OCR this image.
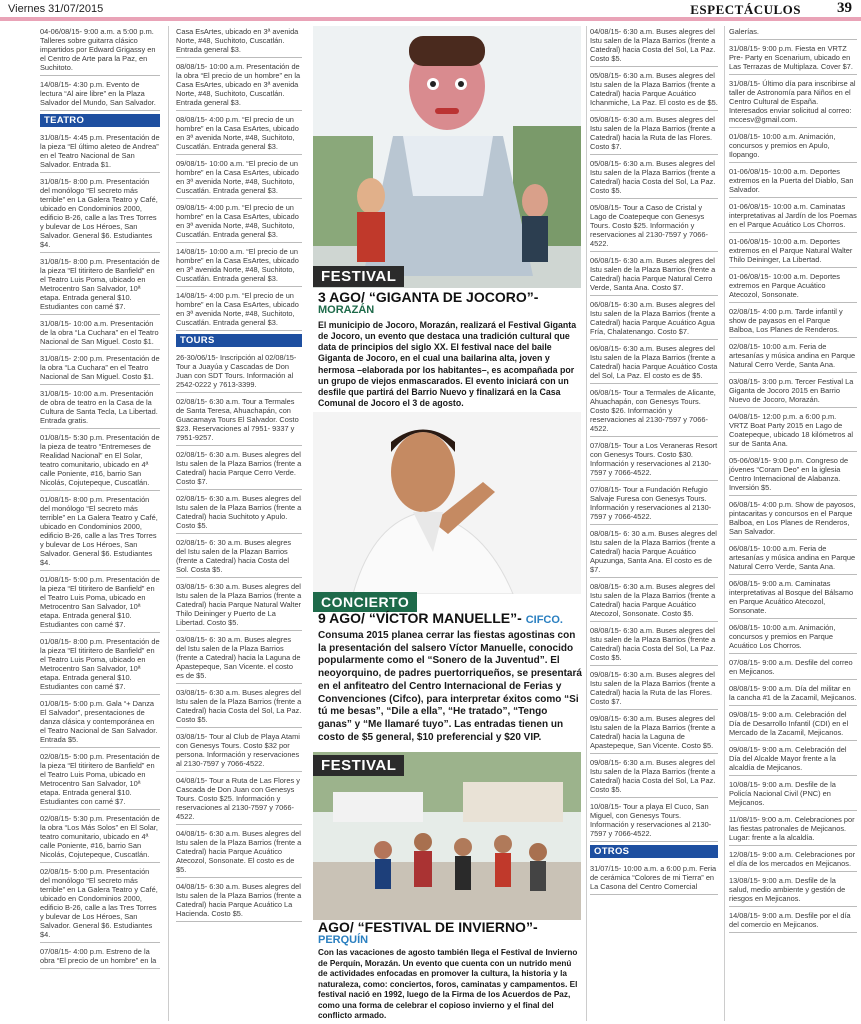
Viernes 31/07/2015	ESPECTÁCULOS 39
04-06/08/15- 9:00 a.m. a 5:00 p.m. Talleres sobre guitarra clásico impartidos por Edward Grigassy en el Centro de Arte para la Paz, en Suchitoto.
14/08/15- 4:30 p.m. Evento de lectura “Al aire libre” en la Plaza Salvador del Mundo, San Salvador.
TEATRO
31/08/15- 4:45 p.m. Presentación de la pieza “El último aleteo de Andrea” en el Teatro Nacional de San Salvador. Entrada $1.
31/08/15- 8:00 p.m. Presentación del monólogo “El secreto más terrible” en La Galera Teatro y Café, ubicado en Condominios 2000, edificio B-26, calle a las Tres Torres y bulevar de Los Héroes, San Salvador. General $6. Estudiantes $4.
31/08/15- 8:00 p.m. Presentación de la pieza “El titiritero de Banfield” en el Teatro Luis Poma, ubicado en Metrocentro San Salvador, 10ª etapa. Entrada general $10. Estudiantes con carné $7.
31/08/15- 10:00 a.m. Presentación de la obra “La Cuchara” en el Teatro Nacional de San Miguel. Costo $1.
31/08/15- 2:00 p.m. Presentación de la obra “La Cuchara” en el Teatro Nacional de San Miguel. Costo $1.
31/08/15- 10:00 a.m. Presentación de obra de teatro en la Casa de la Cultura de Santa Tecla, La Libertad. Entrada gratis.
01/08/15- 5:30 p.m. Presentación de la pieza de teatro “Entremeses de Realidad Nacional” en El Solar, teatro comunitario, ubicado en 4ª calle Poniente, #16, barrio San Nicolás, Cojutepeque, Cuscatlán.
01/08/15- 8:00 p.m. Presentación del monólogo “El secreto más terrible” en La Galera Teatro y Café, ubicado en Condominios 2000, edificio B-26, calle a las Tres Torres y bulevar de Los Héroes, San Salvador. General $6. Estudiantes $4.
01/08/15- 5:00 p.m. Presentación de la pieza “El titiritero de Banfield” en el Teatro Luis Poma, ubicado en Metrocentro San Salvador, 10ª etapa. Entrada general $10. Estudiantes con carné $7.
01/08/15- 8:00 p.m. Presentación de la pieza “El titiritero de Banfield” en el Teatro Luis Poma, ubicado en Metrocentro San Salvador, 10ª etapa. Entrada general $10. Estudiantes con carné $7.
01/08/15- 5:00 p.m. Gala “+ Danza El Salvador”, presentaciones de danza clásica y contemporánea en el Teatro Nacional de San Salvador. Entrada $5.
02/08/15- 5:00 p.m. Presentación de la pieza “El titiritero de Banfield” en el Teatro Luis Poma, ubicado en Metrocentro San Salvador, 10ª etapa. Entrada general $10. Estudiantes con carné $7.
02/08/15- 5:30 p.m. Presentación de la obra “Los Más Solos” en El Solar, teatro comunitario, ubicado en 4ª calle Poniente, #16, barrio San Nicolás, Cojutepeque, Cuscatlán.
02/08/15- 5:00 p.m. Presentación del monólogo “El secreto más terrible” en La Galera Teatro y Café, ubicado en Condominios 2000, edificio B-26, calle a las Tres Torres y bulevar de Los Héroes, San Salvador. General $6. Estudiantes $4.
07/08/15- 4:00 p.m. Estreno de la obra “El precio de un hombre” en la
Casa EsArtes, ubicado en 3ª avenida Norte, #48, Suchitoto, Cuscatlán. Entrada general $3.
08/08/15- 10:00 a.m. Presentación de la obra “El precio de un hombre” en la Casa EsArtes, ubicado en 3ª avenida Norte, #48, Suchitoto, Cuscatlán. Entrada general $3.
08/08/15- 4:00 p.m. “El precio de un hombre” en la Casa EsArtes, ubicado en 3ª avenida Norte, #48, Suchitoto, Cuscatlán. Entrada general $3.
09/08/15- 10:00 a.m. “El precio de un hombre” en la Casa EsArtes, ubicado en 3ª avenida Norte, #48, Suchitoto, Cuscatlán. Entrada general $3.
09/08/15- 4:00 p.m. “El precio de un hombre” en la Casa EsArtes, ubicado en 3ª avenida Norte, #48, Suchitoto, Cuscatlán. Entrada general $3.
14/08/15- 10:00 a.m. “El precio de un hombre” en la Casa EsArtes, ubicado en 3ª avenida Norte, #48, Suchitoto, Cuscatlán. Entrada general $3.
14/08/15- 4:00 p.m. “El precio de un hombre” en la Casa EsArtes, ubicado en 3ª avenida Norte, #48, Suchitoto, Cuscatlán. Entrada general $3.
TOURS
26-30/06/15- Inscripción al 02/08/15- Tour a Juayúa y Cascadas de Don Juan con SDT Tours. Información al 2542-0222 y 7613-3399.
02/08/15- 6:30 a.m. Tour a Termales de Santa Teresa, Ahuachapán, con Guacamaya Tours El Salvador. Costo $23. Reservaciones al 7951- 9337 y 7951-9257.
02/08/15- 6:30 a.m. Buses alegres del Istu salen de la Plaza Barrios (frente a Catedral) hacia Parque Cerro Verde. Costo $7.
02/08/15- 6:30 a.m. Buses alegres del Istu salen de la Plaza Barrios (frente a Catedral) hacia Suchitoto y Apulo. Costo $5.
02/08/15- 6: 30 a.m. Buses alegres del Istu salen de la Plazan Barrios (frente a Catedral) hacia Costa del Sol. Costa $5.
03/08/15- 6:30 a.m. Buses alegres del Istu salen de la Plaza Barrios (frente a Catedral) hacia Parque Natural Walter Thilo Deininger y Puerto de La Libertad. Costo $5.
03/08/15- 6: 30 a.m. Buses alegres del Istu salen de la Plaza Barrios (frente a Catedral) hacia la Laguna de Apastepeque, San Vicente. el costo es de $5.
03/08/15- 6:30 a.m. Buses alegres del Istu salen de la Plaza Barrios (frente a Catedral) hacia Costa del Sol, La Paz. Costo $5.
03/08/15- Tour al Club de Playa Atami con Genesys Tours. Costo $32 por persona. Información y reservaciones al 2130-7597 y 7066-4522.
04/08/15- Tour a Ruta de Las Flores y Cascada de Don Juan con Genesys Tours. Costo $25. Información y reservaciones al 2130-7597 y 7066-4522.
04/08/15- 6:30 a.m. Buses alegres del Istu salen de la Plaza Barrios (frente a Catedral) hacia Parque Acuático Atecozol, Sonsonate. El costo es de $5.
04/08/15- 6:30 a.m. Buses alegres del Istu salen de la Plaza Barrios (frente a Catedral) hacia Parque Acuático La Hacienda. Costo $5.
FESTIVAL
3 AGO/ “GIGANTA DE JOCORO”- MORAZÁN
El municipio de Jocoro, Morazán, realizará el Festival Giganta de Jocoro, un evento que destaca una tradición cultural que data de principios del siglo XX. El festival nace del baile Giganta de Jocoro, en el cual una bailarina alta, joven y hermosa –elaborada por los habitantes–, es acompañada por un grupo de viejos enmascarados. El evento iniciará con un desfile que partirá del Barrio Nuevo y finalizará en la Casa Comunal de Jocoro el 3 de agosto.
CONCIERTO
9 AGO/ “VÍCTOR MANUELLE”- CIFCO.
Consuma 2015 planea cerrar las fiestas agostinas con la presentación del salsero Víctor Manuelle, conocido popularmente como el “Sonero de la Juventud”. El neoyorquino, de padres puertorriqueños, se presentará en el anfiteatro del Centro Internacional de Ferias y Convenciones (Cifco), para interpretar éxitos como “Si tú me besas”, “Dile a ella”, “He tratado”, “Tengo ganas” y “Me llamaré tuyo”. Las entradas tienen un costo de $5 general, $10 preferencial y $20 VIP.
FESTIVAL
AGO/ “FESTIVAL DE INVIERNO”- PERQUÍN
Con las vacaciones de agosto también llega el Festival de Invierno de Perquín, Morazán. Un evento que cuenta con un nutrido menú de actividades enfocadas en promover la cultura, la historia y la naturaleza, como: conciertos, foros, caminatas y campamentos. El festival nació en 1992, luego de la Firma de los Acuerdos de Paz, como una forma de celebrar el copioso invierno y el final del conflicto armado.
04/08/15- 6:30 a.m. Buses alegres del Istu salen de la Plaza Barrios (frente a Catedral) hacia Costa del Sol, La Paz. Costo $5.
05/08/15- 6:30 a.m. Buses alegres del Istu salen de la Plaza Barrios (frente a Catedral) hacia Parque Acuático Ichanmiche, La Paz. El costo es de $5.
05/08/15- 6:30 a.m. Buses alegres del Istu salen de la Plaza Barrios (frente a Catedral) hacia la Ruta de las Flores. Costo $7.
05/08/15- 6:30 a.m. Buses alegres del Istu salen de la Plaza Barrios (frente a Catedral) hacia Costa del Sol, La Paz. Costo $5.
05/08/15- Tour a Caso de Cristal y Lago de Coatepeque con Genesys Tours. Costo $25. Información y reservaciones al 2130-7597 y 7066-4522.
06/08/15- 6:30 a.m. Buses alegres del Istu salen de la Plaza Barrios (frente a Catedral) hacia Parque Natural Cerro Verde, Santa Ana. Costo $7.
06/08/15- 6:30 a.m. Buses alegres del Istu salen de la Plaza Barrios (frente a Catedral) hacia Parque Acuático Agua Fría, Chalatenango. Costo $7.
06/08/15- 6:30 a.m. Buses alegres del Istu salen de la Plaza Barrios (frente a Catedral) hacia Parque Acuático Costa del Sol, La Paz. El costo es de $5.
06/08/15- Tour a Termales de Alicante, Ahuachapán, con Genesys Tours. Costo $26. Información y reservaciones al 2130-7597 y 7066-4522.
07/08/15- Tour a Los Veraneras Resort con Genesys Tours. Costo $30. Información y reservaciones al 2130-7597 y 7066-4522.
07/08/15- Tour a Fundación Refugio Salvaje Furesa con Genesys Tours. Información y reservaciones al 2130-7597 y 7066-4522.
08/08/15- 6: 30 a.m. Buses alegres del Istu salen de la Plaza Barrios (frente a Catedral) hacia Parque Acuático Apuzunga, Santa Ana. El costo es de $7.
08/08/15- 6:30 a.m. Buses alegres del Istu salen de la Plaza Barrios (frente a Catedral) hacia Parque Acuático Atecozol, Sonsonate. Costo $5.
08/08/15- 6:30 a.m. Buses alegres del Istu salen de la Plaza Barrios (frente a Catedral) hacia Costa del Sol, La Paz. Costo $5.
09/08/15- 6:30 a.m. Buses alegres del Istu salen de la Plaza Barrios (frente a Catedral) hacia la Ruta de las Flores. Costo $7.
09/08/15- 6:30 a.m. Buses alegres del Istu salen de la Plaza Barrios (frente a Catedral) hacia la Laguna de Apastepeque, San Vicente. Costo $5.
09/08/15- 6:30 a.m. Buses alegres del Istu salen de la Plaza Barrios (frente a Catedral) hacia Costa del Sol, La Paz. Costo $5.
10/08/15- Tour a playa El Cuco, San Miguel, con Genesys Tours. Información y reservaciones al 2130-7597 y 7066-4522.
OTROS
31/07/15- 10:00 a.m. a 6:00 p.m. Feria de cerámica “Colores de mi Tierra” en La Casona del Centro Comercial
Galerías.
31/08/15- 9:00 p.m. Fiesta en VRTZ Pre- Party en Scenarium, ubicado en Las Terrazas de Multiplaza. Cover $7.
31/08/15- Último día para inscribirse al taller de Astronomía para Niños en el Centro Cultural de España. Interesados enviar solicitud al correo: mccesv@gmail.com.
01/08/15- 10:00 a.m. Animación, concursos y premios en Apulo, Ilopango.
01-06/08/15- 10:00 a.m. Deportes extremos en la Puerta del Diablo, San Salvador.
01-06/08/15- 10:00 a.m. Caminatas interpretativas al Jardín de los Poemas en el Parque Acuático Los Chorros.
01-06/08/15- 10:00 a.m. Deportes extremos en el Parque Natural Walter Thilo Deininger, La Libertad.
01-06/08/15- 10:00 a.m. Deportes extremos en Parque Acuático Atecozol, Sonsonate.
02/08/15- 4:00 p.m. Tarde infantil y show de payasos en el Parque Balboa, Los Planes de Renderos.
02/08/15- 10:00 a.m. Feria de artesanías y música andina en Parque Natural Cerro Verde, Santa Ana.
03/08/15- 3:00 p.m. Tercer Festival La Giganta de Jocoro 2015 en Barrio Nuevo de Jocoro, Morazán.
04/08/15- 12:00 p.m. a 6:00 p.m. VRTZ Boat Party 2015 en Lago de Coatepeque, ubicado 18 kilómetros al sur de Santa Ana.
05-06/08/15- 9:00 p.m. Congreso de jóvenes “Coram Deo” en la iglesia Centro Internacional de Alabanza. Inversión $5.
06/08/15- 4:00 p.m. Show de payosos, pintacaritas y concursos en el Parque Balboa, en Los Planes de Renderos, San Salvador.
06/08/15- 10:00 a.m. Feria de artesanías y música andina en Parque Natural Cerro Verde, Santa Ana.
06/08/15- 9:00 a.m. Caminatas interpretativas al Bosque del Bálsamo en Parque Acuático Atecozol, Sonsonate.
06/08/15- 10:00 a.m. Animación, concursos y premios en Parque Acuático Los Chorros.
07/08/15- 9:00 a.m. Desfile del correo en Mejicanos.
08/08/15- 9:00 a.m. Día del militar en la cancha #1 de la Zacamil, Mejicanos.
09/08/15- 9:00 a.m. Celebración del Día de Desarrollo Infantil (CDI) en el Mercado de la Zacamil, Mejicanos.
09/08/15- 9:00 a.m. Celebración del Día del Alcalde Mayor frente a la alcaldía de Mejicanos.
10/08/15- 9:00 a.m. Desfile de la Policía Nacional Civil (PNC) en Mejicanos.
11/08/15- 9:00 a.m. Celebraciones por las fiestas patronales de Mejicanos. Lugar: frente a la alcaldía.
12/08/15- 9:00 a.m. Celebraciones por el día de los mercados en Mejicanos.
13/08/15- 9:00 a.m. Desfile de la salud, medio ambiente y gestión de riesgos en Mejicanos.
14/08/15- 9:00 a.m. Desfile por el día del comercio en Mejicanos.
